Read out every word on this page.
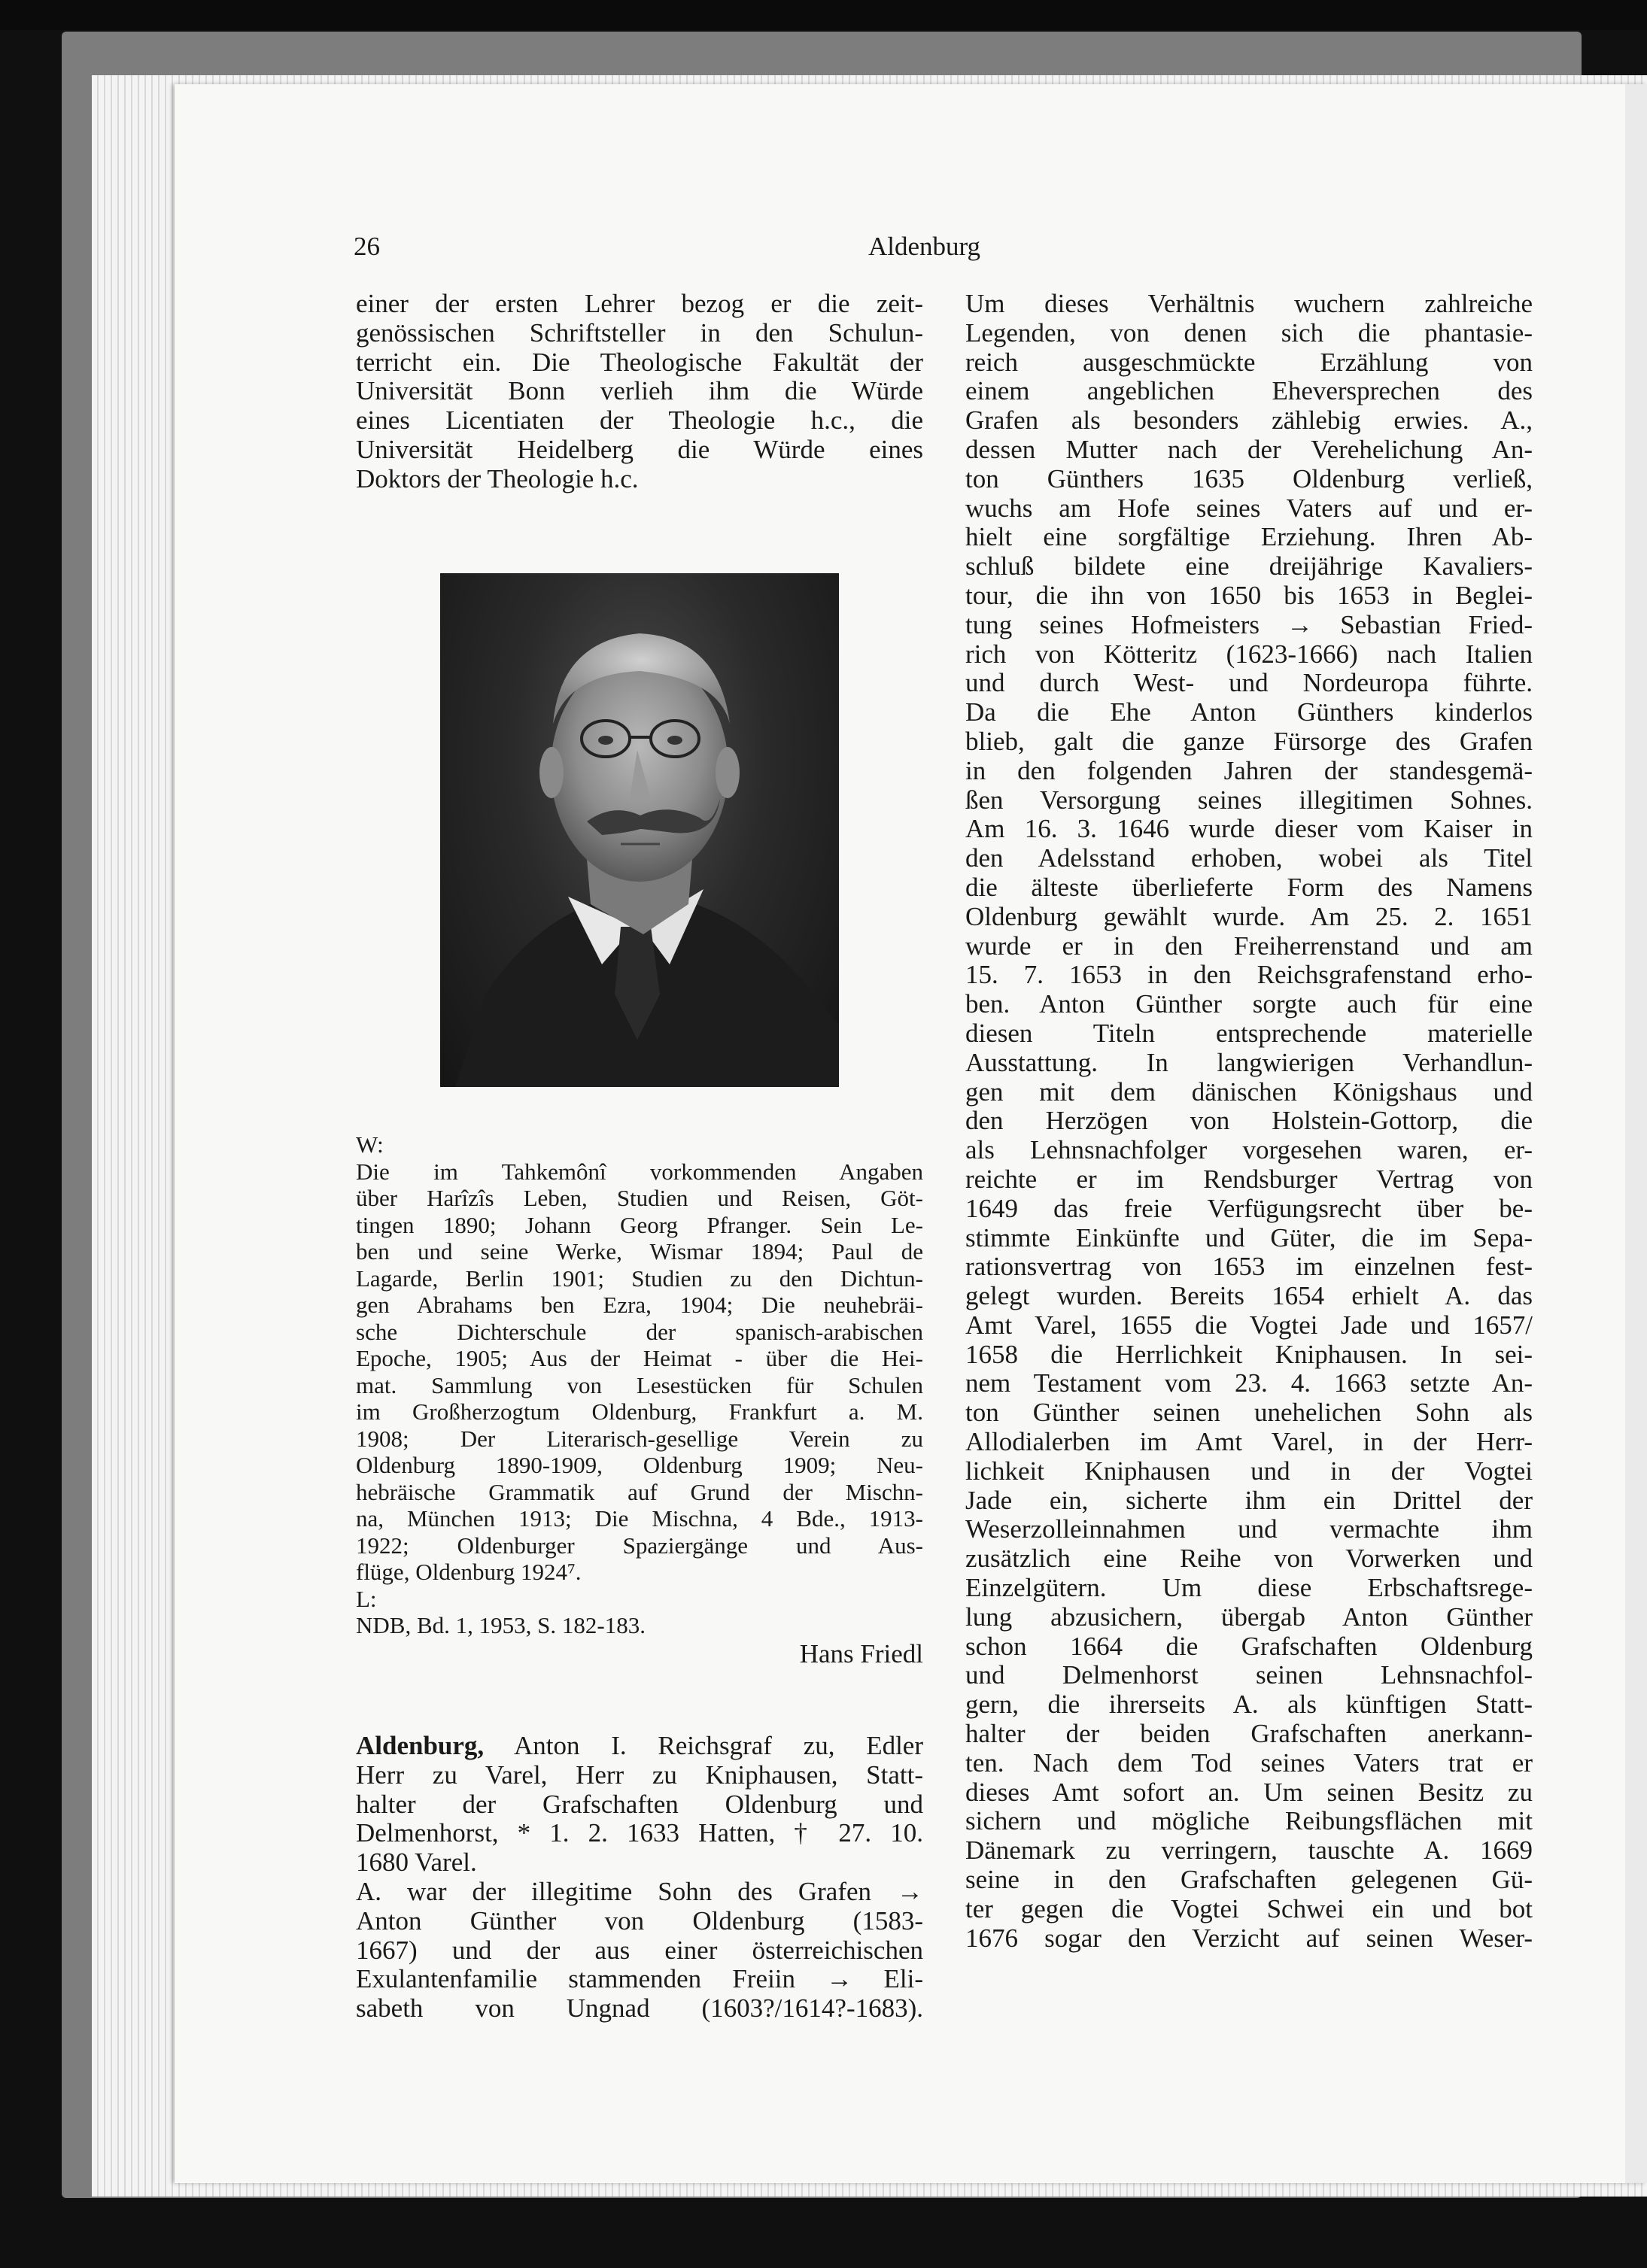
26	Aldenburg
einer der ersten Lehrer bezog er die zeit-
genössischen Schriftsteller in den Schulun-
terricht ein. Die Theologische Fakultät der
Universität Bonn verlieh ihm die Würde
eines Licentiaten der Theologie h.c., die
Universität Heidelberg die Würde eines
Doktors der Theologie h.c.
W:
Die im Tahkemônî vorkommenden Angaben
über Harîzîs Leben, Studien und Reisen, Göt-
tingen 1890; Johann Georg Pfranger. Sein Le-
ben und seine Werke, Wismar 1894; Paul de
Lagarde, Berlin 1901; Studien zu den Dichtun-
gen Abrahams ben Ezra, 1904; Die neuhebräi-
sche Dichterschule der spanisch-arabischen
Epoche, 1905; Aus der Heimat - über die Hei-
mat. Sammlung von Lesestücken für Schulen
im Großherzogtum Oldenburg, Frankfurt a. M.
1908; Der Literarisch-gesellige Verein zu
Oldenburg 1890-1909, Oldenburg 1909; Neu-
hebräische Grammatik auf Grund der Mischn-
na, München 1913; Die Mischna, 4 Bde., 1913-
1922; Oldenburger Spaziergänge und Aus-
flüge, Oldenburg 1924⁷.
L:
NDB, Bd. 1, 1953, S. 182-183.
Hans Friedl
Aldenburg, Anton I. Reichsgraf zu, Edler
Herr zu Varel, Herr zu Kniphausen, Statt-
halter der Grafschaften Oldenburg und
Delmenhorst, * 1. 2. 1633 Hatten, † 27. 10.
1680 Varel.
A. war der illegitime Sohn des Grafen →
Anton Günther von Oldenburg (1583-
1667) und der aus einer österreichischen
Exulantenfamilie stammenden Freiin → Eli-
sabeth von Ungnad (1603?/1614?-1683).
Um dieses Verhältnis wuchern zahlreiche
Legenden, von denen sich die phantasie-
reich ausgeschmückte Erzählung von
einem angeblichen Eheversprechen des
Grafen als besonders zählebig erwies. A.,
dessen Mutter nach der Verehelichung An-
ton Günthers 1635 Oldenburg verließ,
wuchs am Hofe seines Vaters auf und er-
hielt eine sorgfältige Erziehung. Ihren Ab-
schluß bildete eine dreijährige Kavaliers-
tour, die ihn von 1650 bis 1653 in Beglei-
tung seines Hofmeisters → Sebastian Fried-
rich von Kötteritz (1623-1666) nach Italien
und durch West- und Nordeuropa führte.
Da die Ehe Anton Günthers kinderlos
blieb, galt die ganze Fürsorge des Grafen
in den folgenden Jahren der standesgemä-
ßen Versorgung seines illegitimen Sohnes.
Am 16. 3. 1646 wurde dieser vom Kaiser in
den Adelsstand erhoben, wobei als Titel
die älteste überlieferte Form des Namens
Oldenburg gewählt wurde. Am 25. 2. 1651
wurde er in den Freiherrenstand und am
15. 7. 1653 in den Reichsgrafenstand erho-
ben. Anton Günther sorgte auch für eine
diesen Titeln entsprechende materielle
Ausstattung. In langwierigen Verhandlun-
gen mit dem dänischen Königshaus und
den Herzögen von Holstein-Gottorp, die
als Lehnsnachfolger vorgesehen waren, er-
reichte er im Rendsburger Vertrag von
1649 das freie Verfügungsrecht über be-
stimmte Einkünfte und Güter, die im Sepa-
rationsvertrag von 1653 im einzelnen fest-
gelegt wurden. Bereits 1654 erhielt A. das
Amt Varel, 1655 die Vogtei Jade und 1657/
1658 die Herrlichkeit Kniphausen. In sei-
nem Testament vom 23. 4. 1663 setzte An-
ton Günther seinen unehelichen Sohn als
Allodialerben im Amt Varel, in der Herr-
lichkeit Kniphausen und in der Vogtei
Jade ein, sicherte ihm ein Drittel der
Weserzolleinnahmen und vermachte ihm
zusätzlich eine Reihe von Vorwerken und
Einzelgütern. Um diese Erbschaftsrege-
lung abzusichern, übergab Anton Günther
schon 1664 die Grafschaften Oldenburg
und Delmenhorst seinen Lehnsnachfol-
gern, die ihrerseits A. als künftigen Statt-
halter der beiden Grafschaften anerkann-
ten. Nach dem Tod seines Vaters trat er
dieses Amt sofort an. Um seinen Besitz zu
sichern und mögliche Reibungsflächen mit
Dänemark zu verringern, tauschte A. 1669
seine in den Grafschaften gelegenen Gü-
ter gegen die Vogtei Schwei ein und bot
1676 sogar den Verzicht auf seinen Weser-
